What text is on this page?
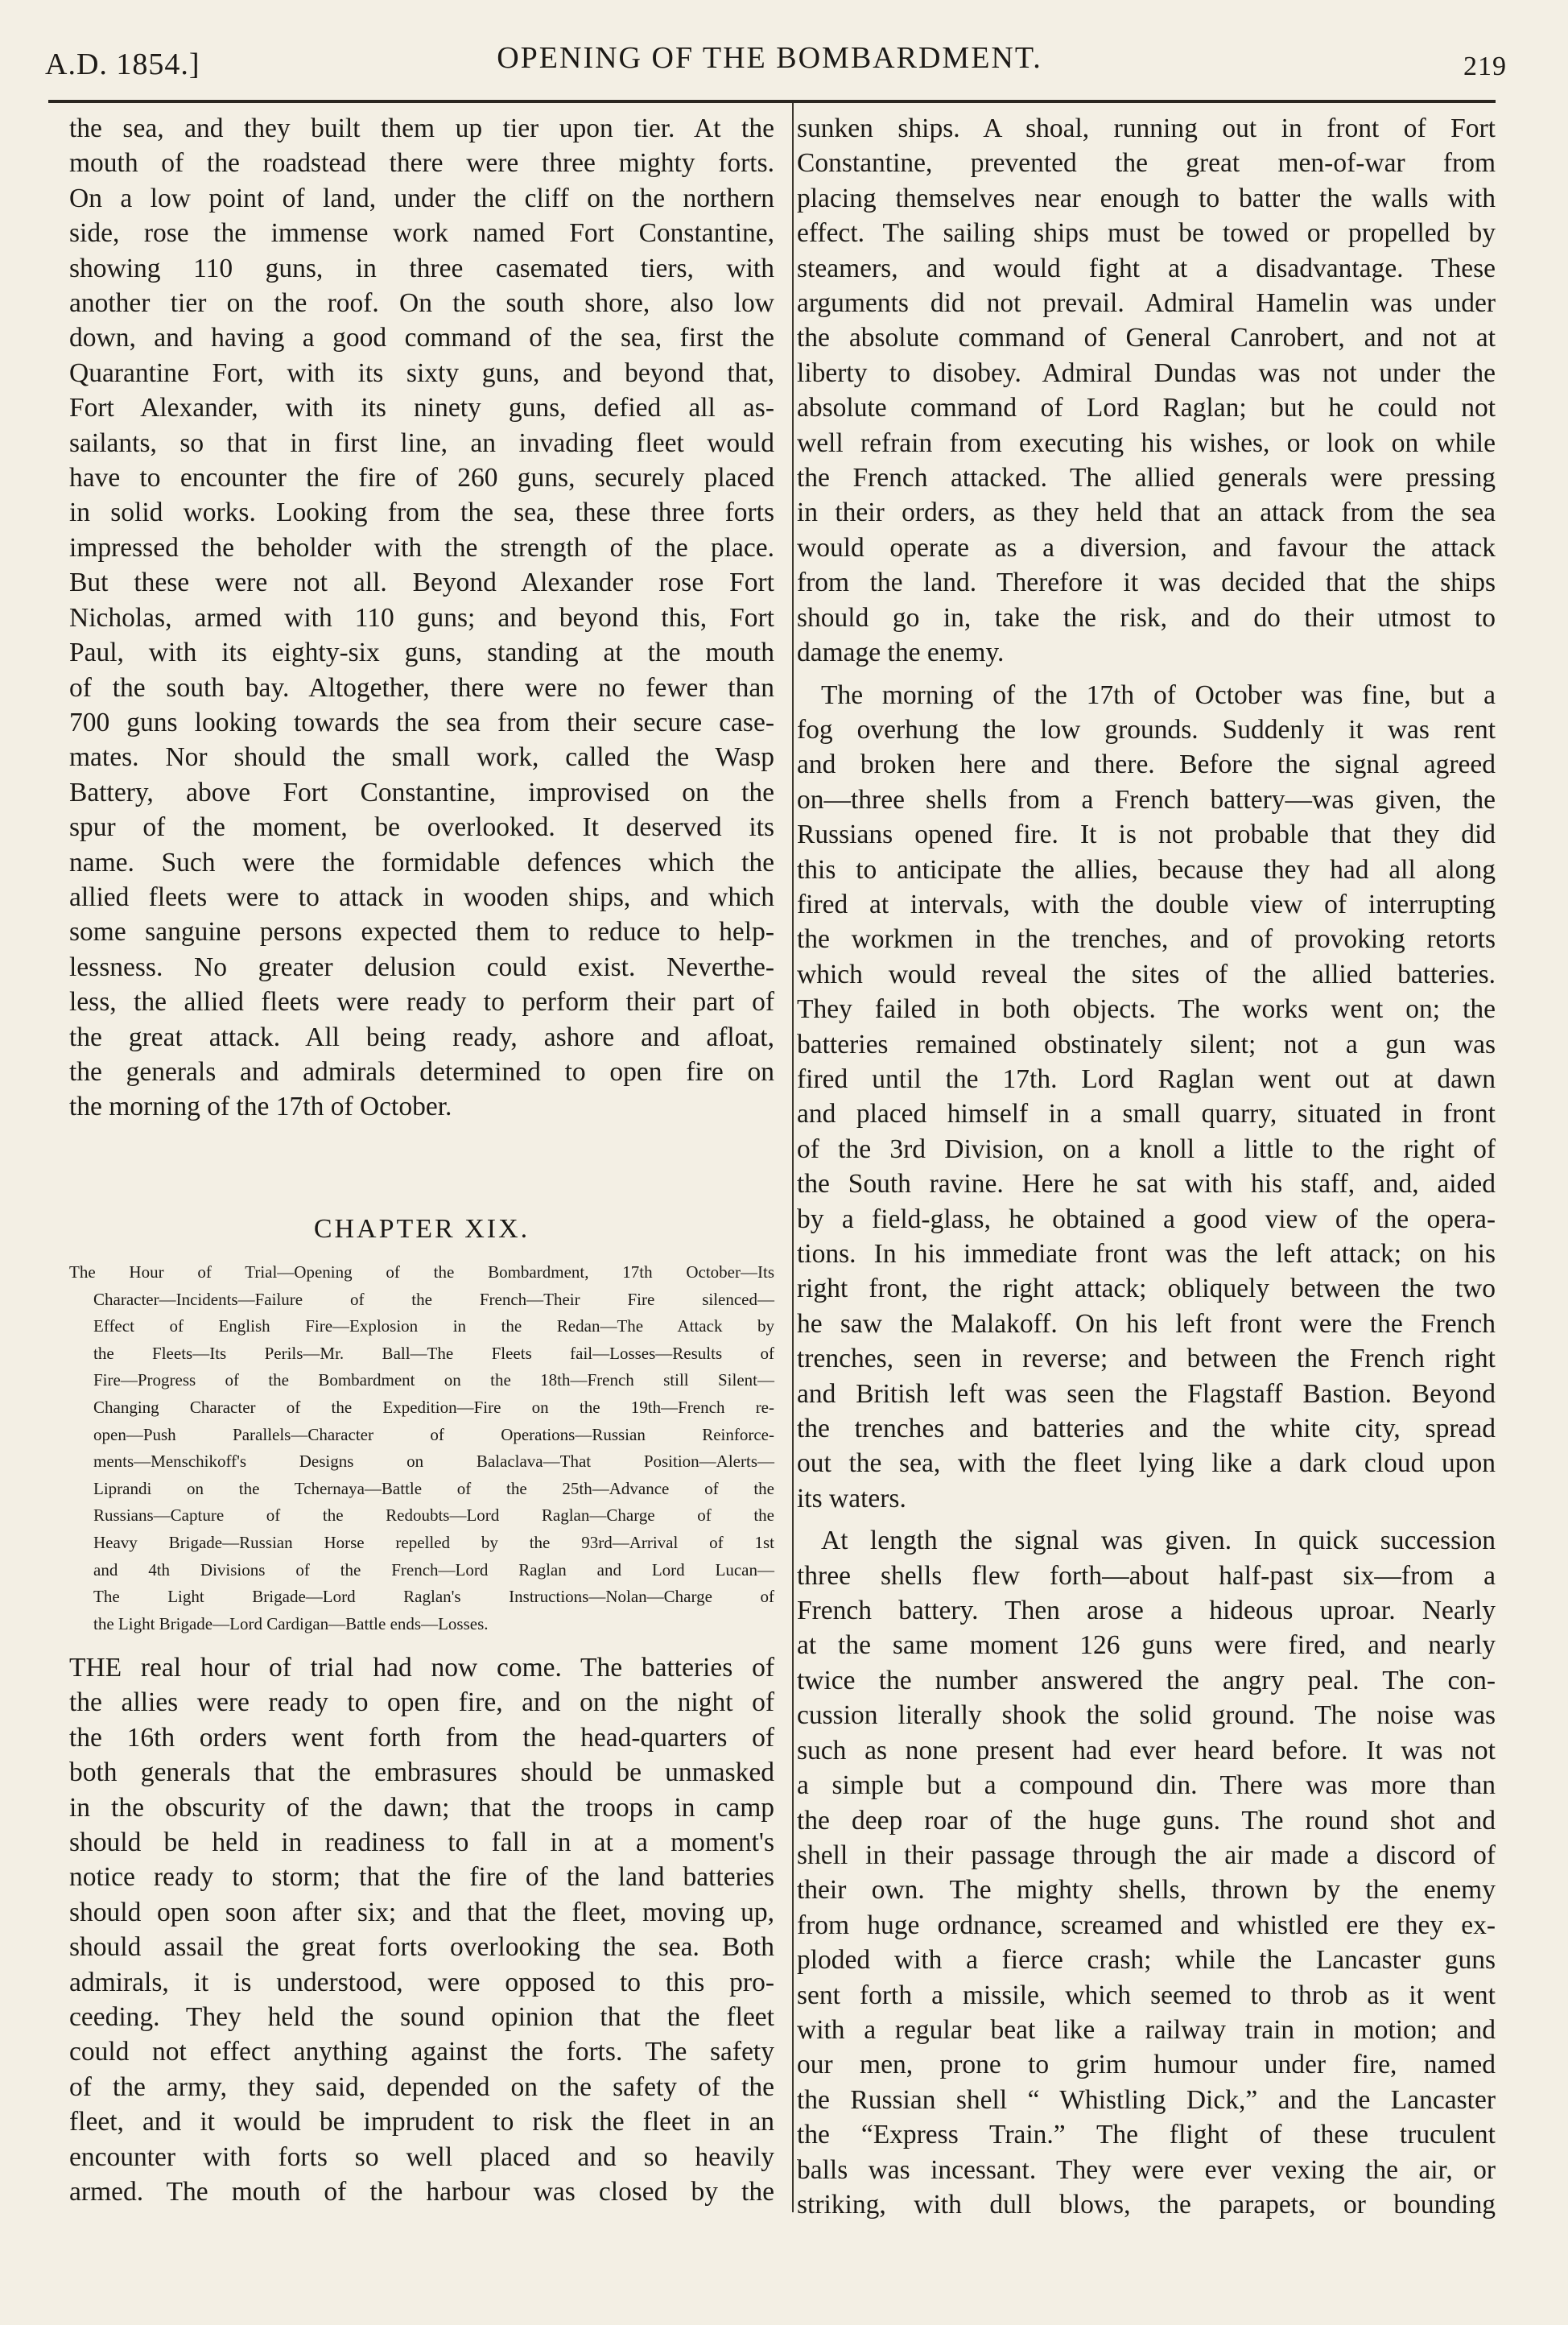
A.D. 1854.]	OPENING OF THE BOMBARDMENT.	219

the sea, and they built them up tier upon tier. At the
mouth of the roadstead there were three mighty forts.
On a low point of land, under the cliff on the northern
side, rose the immense work named Fort Constantine,
showing 110 guns, in three casemated tiers, with
another tier on the roof. On the south shore, also low
down, and having a good command of the sea, first the
Quarantine Fort, with its sixty guns, and beyond that,
Fort Alexander, with its ninety guns, defied all as-
sailants, so that in first line, an invading fleet would
have to encounter the fire of 260 guns, securely placed
in solid works. Looking from the sea, these three forts
impressed the beholder with the strength of the place.
But these were not all. Beyond Alexander rose Fort
Nicholas, armed with 110 guns; and beyond this, Fort
Paul, with its eighty-six guns, standing at the mouth
of the south bay. Altogether, there were no fewer than
700 guns looking towards the sea from their secure case-
mates. Nor should the small work, called the Wasp
Battery, above Fort Constantine, improvised on the
spur of the moment, be overlooked. It deserved its
name. Such were the formidable defences which the
allied fleets were to attack in wooden ships, and which
some sanguine persons expected them to reduce to help-
lessness. No greater delusion could exist. Neverthe-
less, the allied fleets were ready to perform their part of
the great attack. All being ready, ashore and afloat,
the generals and admirals determined to open fire on
the morning of the 17th of October.

CHAPTER XIX.
The Hour of Trial—Opening of the Bombardment, 17th October—Its
Character—Incidents—Failure of the French—Their Fire silenced—
Effect of English Fire—Explosion in the Redan—The Attack by
the Fleets—Its Perils—Mr. Ball—The Fleets fail—Losses—Results of
Fire—Progress of the Bombardment on the 18th—French still Silent—
Changing Character of the Expedition—Fire on the 19th—French re-
open—Push Parallels—Character of Operations—Russian Reinforce-
ments—Menschikoff's Designs on Balaclava—That Position—Alerts—
Liprandi on the Tchernaya—Battle of the 25th—Advance of the
Russians—Capture of the Redoubts—Lord Raglan—Charge of the
Heavy Brigade—Russian Horse repelled by the 93rd—Arrival of 1st
and 4th Divisions of the French—Lord Raglan and Lord Lucan—
The Light Brigade—Lord Raglan's Instructions—Nolan—Charge of
the Light Brigade—Lord Cardigan—Battle ends—Losses.

THE real hour of trial had now come. The batteries of
the allies were ready to open fire, and on the night of
the 16th orders went forth from the head-quarters of
both generals that the embrasures should be unmasked
in the obscurity of the dawn; that the troops in camp
should be held in readiness to fall in at a moment's
notice ready to storm; that the fire of the land batteries
should open soon after six; and that the fleet, moving up,
should assail the great forts overlooking the sea. Both
admirals, it is understood, were opposed to this pro-
ceeding. They held the sound opinion that the fleet
could not effect anything against the forts. The safety
of the army, they said, depended on the safety of the
fleet, and it would be imprudent to risk the fleet in an
encounter with forts so well placed and so heavily
armed. The mouth of the harbour was closed by the

sunken ships. A shoal, running out in front of Fort
Constantine, prevented the great men-of-war from
placing themselves near enough to batter the walls with
effect. The sailing ships must be towed or propelled by
steamers, and would fight at a disadvantage. These
arguments did not prevail. Admiral Hamelin was under
the absolute command of General Canrobert, and not at
liberty to disobey. Admiral Dundas was not under the
absolute command of Lord Raglan; but he could not
well refrain from executing his wishes, or look on while
the French attacked. The allied generals were pressing
in their orders, as they held that an attack from the sea
would operate as a diversion, and favour the attack
from the land. Therefore it was decided that the ships
should go in, take the risk, and do their utmost to
damage the enemy.

The morning of the 17th of October was fine, but a
fog overhung the low grounds. Suddenly it was rent
and broken here and there. Before the signal agreed
on—three shells from a French battery—was given, the
Russians opened fire. It is not probable that they did
this to anticipate the allies, because they had all along
fired at intervals, with the double view of interrupting
the workmen in the trenches, and of provoking retorts
which would reveal the sites of the allied batteries.
They failed in both objects. The works went on; the
batteries remained obstinately silent; not a gun was
fired until the 17th. Lord Raglan went out at dawn
and placed himself in a small quarry, situated in front
of the 3rd Division, on a knoll a little to the right of
the South ravine. Here he sat with his staff, and, aided
by a field-glass, he obtained a good view of the opera-
tions. In his immediate front was the left attack; on his
right front, the right attack; obliquely between the two
he saw the Malakoff. On his left front were the French
trenches, seen in reverse; and between the French right
and British left was seen the Flagstaff Bastion. Beyond
the trenches and batteries and the white city, spread
out the sea, with the fleet lying like a dark cloud upon
its waters.

At length the signal was given. In quick succession
three shells flew forth—about half-past six—from a
French battery. Then arose a hideous uproar. Nearly
at the same moment 126 guns were fired, and nearly
twice the number answered the angry peal. The con-
cussion literally shook the solid ground. The noise was
such as none present had ever heard before. It was not
a simple but a compound din. There was more than
the deep roar of the huge guns. The round shot and
shell in their passage through the air made a discord of
their own. The mighty shells, thrown by the enemy
from huge ordnance, screamed and whistled ere they ex-
ploded with a fierce crash; while the Lancaster guns
sent forth a missile, which seemed to throb as it went
with a regular beat like a railway train in motion; and
our men, prone to grim humour under fire, named
the Russian shell “ Whistling Dick,” and the Lancaster
the “Express Train.” The flight of these truculent
balls was incessant. They were ever vexing the air, or
striking, with dull blows, the parapets, or bounding
